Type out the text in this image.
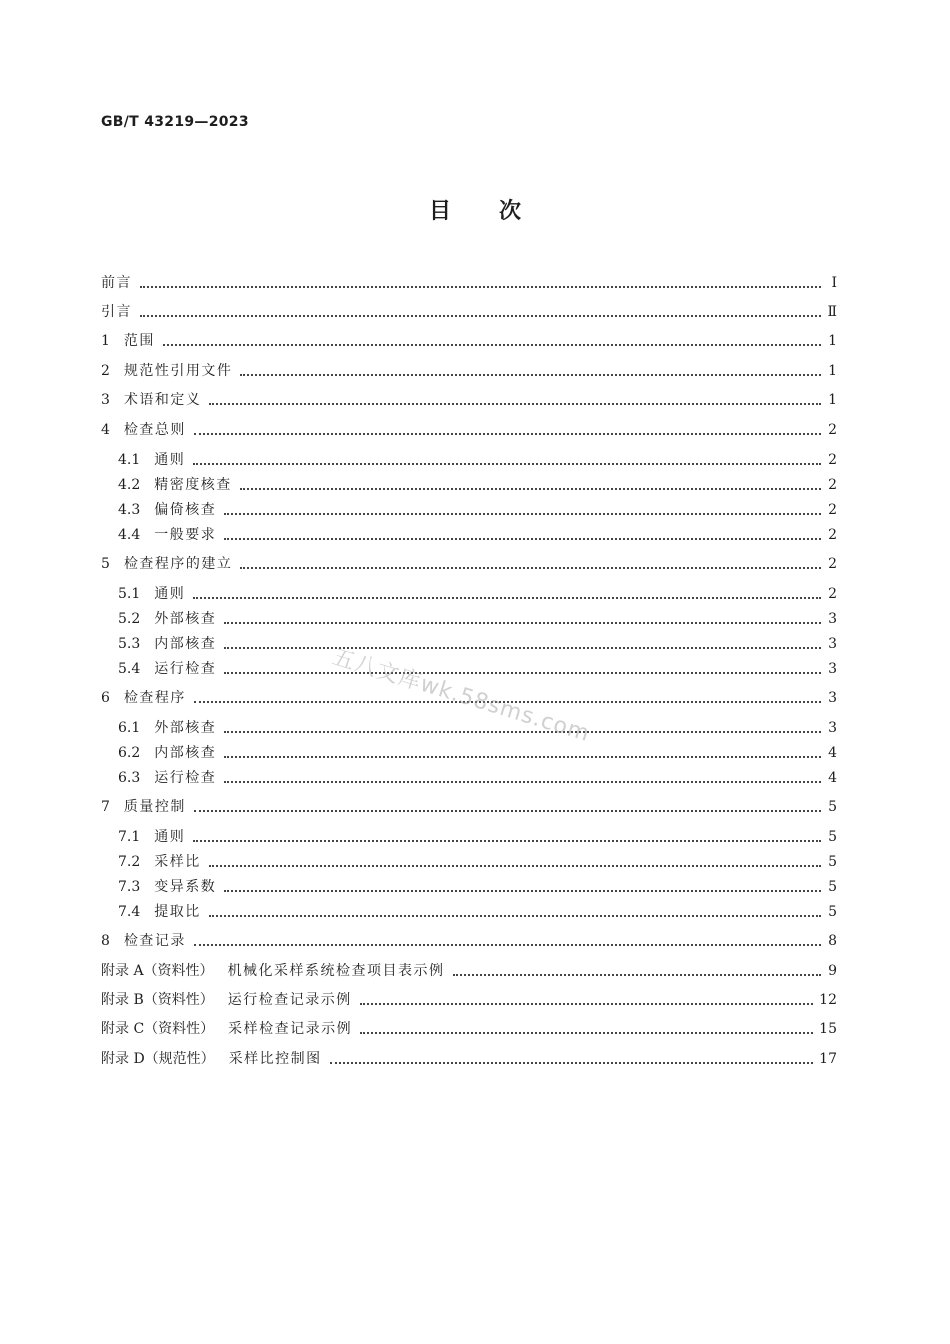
GB/T 43219—2023
目 次
前言	Ⅰ
引言	Ⅱ
1 范围	1
2 规范性引用文件	1
3 术语和定义	1
4 检查总则	2
4.1 通则	2
4.2 精密度核查	2
4.3 偏倚核查	2
4.4 一般要求	2
5 检查程序的建立	2
5.1 通则	2
5.2 外部核查	3
5.3 内部核查	3
5.4 运行检查	3
6 检查程序	3
6.1 外部核查	3
6.2 内部核查	4
6.3 运行检查	4
7 质量控制	5
7.1 通则	5
7.2 采样比	5
7.3 变异系数	5
7.4 提取比	5
8 检查记录	8
附录 A（资料性） 机械化采样系统检查项目表示例	9
附录 B（资料性） 运行检查记录示例	12
附录 C（资料性） 采样检查记录示例	15
附录 D（规范性） 采样比控制图	17
五八文库wk.58sms.com
